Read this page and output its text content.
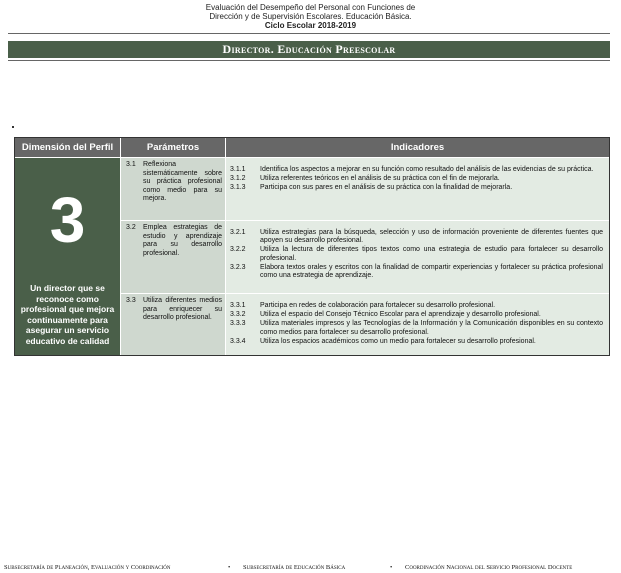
Evaluación del Desempeño del Personal con Funciones de
Dirección y de Supervisión Escolares. Educación Básica.
Ciclo Escolar 2018-2019
Director. Educación Preescolar
Dimensión del Perfil	Parámetros	Indicadores
3
Un director que se reconoce como profesional que mejora continuamente para asegurar un servicio educativo de calidad
3.1	Reflexiona sistemáticamente sobre su práctica profesional como medio para su mejora.
3.1.1	Identifica los aspectos a mejorar en su función como resultado del análisis de las evidencias de su práctica.
3.1.2	Utiliza referentes teóricos en el análisis de su práctica con el fin de mejorarla.
3.1.3	Participa con sus pares en el análisis de su práctica con la finalidad de mejorarla.
3.2	Emplea estrategias de estudio y aprendizaje para su desarrollo profesional.
3.2.1	Utiliza estrategias para la búsqueda, selección y uso de información proveniente de diferentes fuentes que apoyen su desarrollo profesional.
3.2.2	Utiliza la lectura de diferentes tipos textos como una estrategia de estudio para fortalecer su desarrollo profesional.
3.2.3	Elabora textos orales y escritos con la finalidad de compartir experiencias y fortalecer su práctica profesional como una estrategia de aprendizaje.
3.3	Utiliza diferentes medios para enriquecer su desarrollo profesional.
3.3.1	Participa en redes de colaboración para fortalecer su desarrollo profesional.
3.3.2	Utiliza el espacio del Consejo Técnico Escolar para el aprendizaje y desarrollo profesional.
3.3.3	Utiliza materiales impresos y las Tecnologías de la Información y la Comunicación disponibles en su contexto como medios para fortalecer su desarrollo profesional.
3.3.4	Utiliza los espacios académicos como un medio para fortalecer su desarrollo profesional.
Subsecretaría de Planeación, Evaluación y Coordinación	• Subsecretaría de Educación Básica	• Coordinación Nacional del Servicio Profesional Docente
